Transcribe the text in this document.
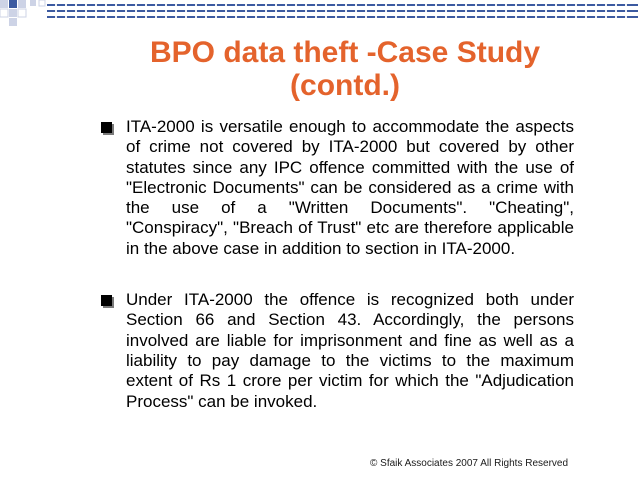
BPO data theft -Case Study
(contd.)
ITA-2000 is versatile enough to accommodate the aspects of crime not covered by ITA-2000 but covered by other statutes since any IPC offence committed with the use of "Electronic Documents" can be considered as a crime with the use of a "Written Documents". "Cheating", "Conspiracy", "Breach of Trust" etc are therefore applicable in the above case in addition to section in ITA-2000.
Under ITA-2000 the offence is recognized both under Section 66 and Section 43. Accordingly, the persons involved are liable for imprisonment and fine as well as a liability to pay damage to the victims to the maximum extent of Rs 1 crore per victim for which the "Adjudication Process" can be invoked.
© Sfaik Associates 2007 All Rights Reserved
